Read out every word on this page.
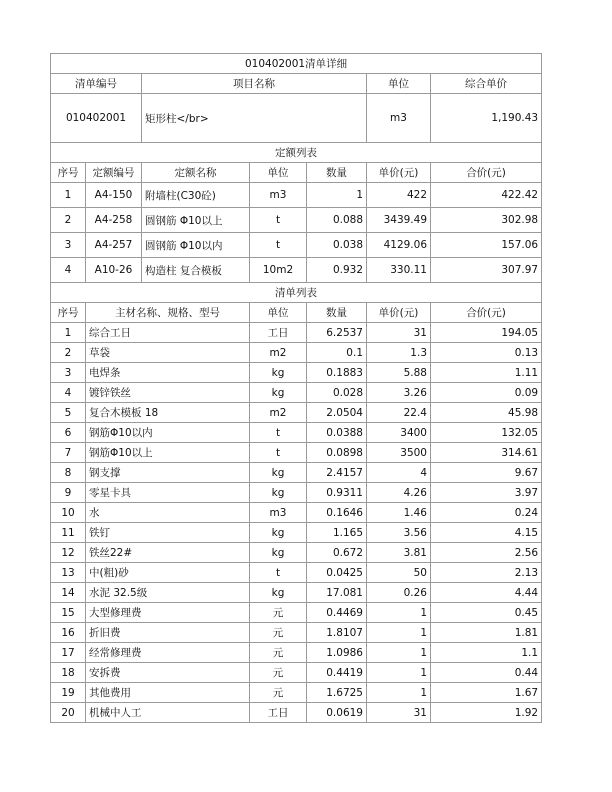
010402001清单详细						
清单编号		项目名称			单位	综合单价
010402001		矩形柱</br>			m3	1,190.43
定额列表						
序号	定额编号	定额名称	单位	数量	单价(元)	合价(元)
1	A4-150	附墙柱(C30砼)	m3	1	422	422.42
2	A4-258	圆钢筋 Φ10以上	t	0.088	3439.49	302.98
3	A4-257	圆钢筋 Φ10以内	t	0.038	4129.06	157.06
4	A10-26	构造柱 复合模板	10m2	0.932	330.11	307.97
清单列表						
序号	主材名称、规格、型号		单位	数量	单价(元)	合价(元)
1	综合工日		工日	6.2537	31	194.05
2	草袋		m2	0.1	1.3	0.13
3	电焊条		kg	0.1883	5.88	1.11
4	镀锌铁丝		kg	0.028	3.26	0.09
5	复合木模板 18		m2	2.0504	22.4	45.98
6	钢筋Φ10以内		t	0.0388	3400	132.05
7	钢筋Φ10以上		t	0.0898	3500	314.61
8	钢支撑		kg	2.4157	4	9.67
9	零星卡具		kg	0.9311	4.26	3.97
10	水		m3	0.1646	1.46	0.24
11	铁钉		kg	1.165	3.56	4.15
12	铁丝22#		kg	0.672	3.81	2.56
13	中(粗)砂		t	0.0425	50	2.13
14	水泥 32.5级		kg	17.081	0.26	4.44
15	大型修理费		元	0.4469	1	0.45
16	折旧费		元	1.8107	1	1.81
17	经常修理费		元	1.0986	1	1.1
18	安拆费		元	0.4419	1	0.44
19	其他费用		元	1.6725	1	1.67
20	机械中人工		工日	0.0619	31	1.92
